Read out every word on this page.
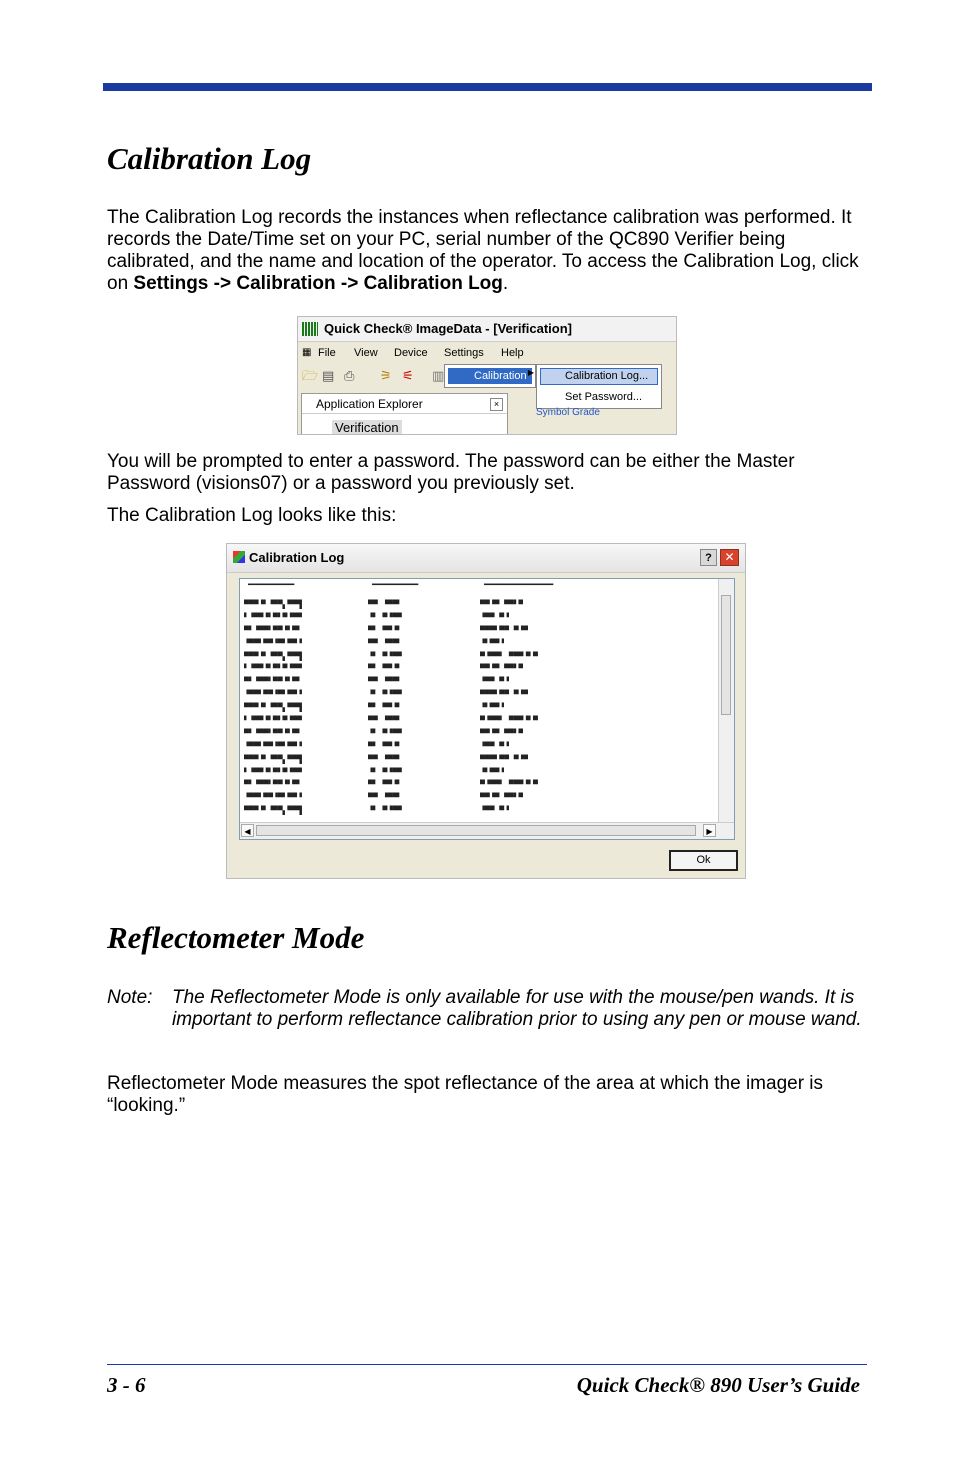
Calibration Log
The Calibration Log records the instances when reflectance calibration was performed. It records the Date/Time set on your PC, serial number of the QC890 Verifier being calibrated, and the name and location of the operator. To access the Calibration Log, click on Settings -> Calibration -> Calibration Log.
Quick Check® ImageData - [Verification]
▦ File View Device Settings Help
🗁 ▤ ⎙ ⚞ ⚟ ▥	Calibration ▶	Calibration Log...
Set Password...
Application Explorer	×
Verification
Symbol Grade
You will be prompted to enter a password. The password can be either the Master Password (visions07) or a password you previously set.
The Calibration Log looks like this:
Calibration Log	?	✕
▔▔▔▔▔▔	▔▔▔▔▔▔	▔▔▔▔▔▔▔▔▔
▀▀▀▝▘▝▀▀▖▀▀▜	▀▀ ▝▀▀▘	▀▀▝▀ ▀▀▘▀
▘▝▀▀▝▘▀▘▀▝▀▀	▝▘ ▀▝▀▀	▝▀▀ ▀▝
▀▘▝▀▀▘▀▀▝▘▀▘	▀▘ ▀▀▝▘	▀▀▀▘▀▀ ▀▝▀
▝▀▀▘▀▀▝▀▘▀▀▝	▀▀ ▝▀▀▘	▝▘▀▀▝
▀▀▀▝▘▝▀▀▖▀▀▜	▝▘ ▀▝▀▀	▀▝▀▀▘ ▀▀▀▝▘▀
▘▝▀▀▝▘▀▘▀▝▀▀	▀▘ ▀▀▝▘	▀▀▝▀ ▀▀▘▀
▀▘▝▀▀▘▀▀▝▘▀▘	▀▀ ▝▀▀▘	▝▀▀ ▀▝
▝▀▀▘▀▀▝▀▘▀▀▝	▝▘ ▀▝▀▀	▀▀▀▘▀▀ ▀▝▀
▀▀▀▝▘▝▀▀▖▀▀▜	▀▘ ▀▀▝▘	▝▘▀▀▝
▘▝▀▀▝▘▀▘▀▝▀▀	▀▀ ▝▀▀▘	▀▝▀▀▘ ▀▀▀▝▘▀
▀▘▝▀▀▘▀▀▝▘▀▘	▝▘ ▀▝▀▀	▀▀▝▀ ▀▀▘▀
▝▀▀▘▀▀▝▀▘▀▀▝	▀▘ ▀▀▝▘	▝▀▀ ▀▝
▀▀▀▝▘▝▀▀▖▀▀▜	▀▀ ▝▀▀▘	▀▀▀▘▀▀ ▀▝▀
▘▝▀▀▝▘▀▘▀▝▀▀	▝▘ ▀▝▀▀	▝▘▀▀▝
▀▘▝▀▀▘▀▀▝▘▀▘	▀▘ ▀▀▝▘	▀▝▀▀▘ ▀▀▀▝▘▀
▝▀▀▘▀▀▝▀▘▀▀▝	▀▀ ▝▀▀▘	▀▀▝▀ ▀▀▘▀
▀▀▀▝▘▝▀▀▖▀▀▜	▝▘ ▀▝▀▀	▝▀▀ ▀▝
◀	▶
Ok
Reflectometer Mode
Note: The Reflectometer Mode is only available for use with the mouse/pen wands. It is important to perform reflectance calibration prior to using any pen or mouse wand.
Reflectometer Mode measures the spot reflectance of the area at which the imager is “looking.”
3 - 6	Quick Check® 890 User’s Guide
